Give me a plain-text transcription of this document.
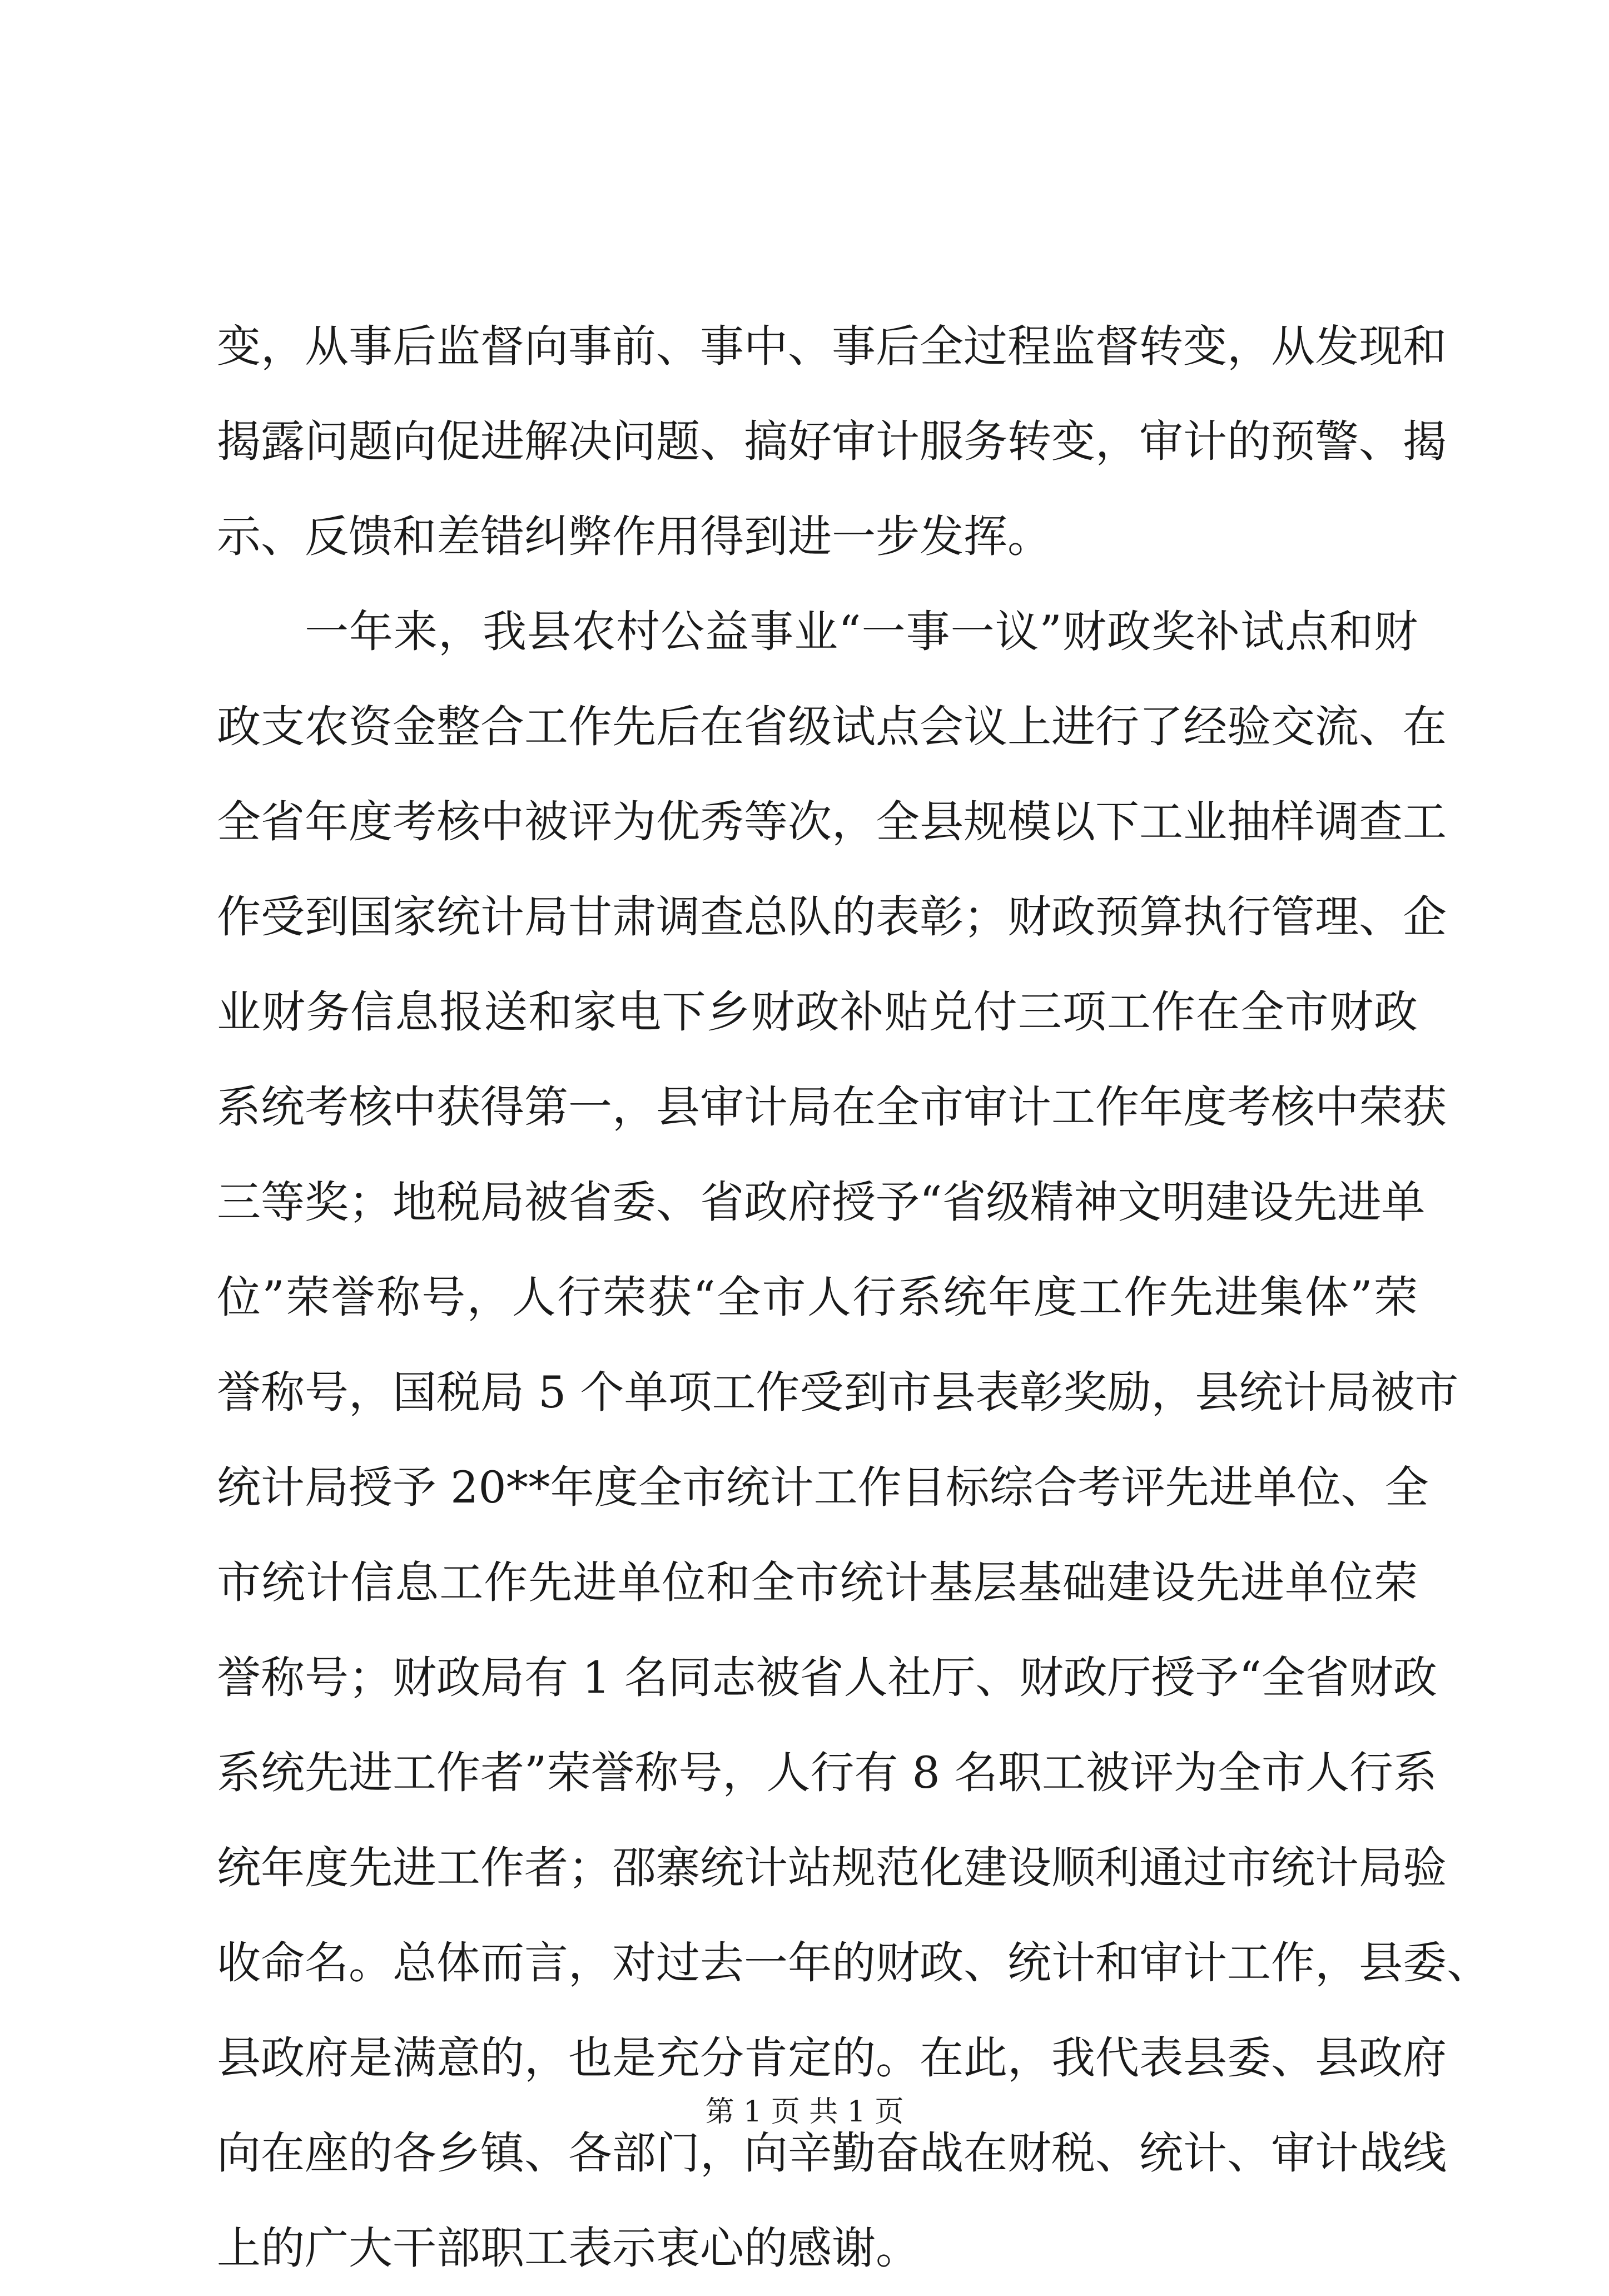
变，从事后监督向事前、事中、事后全过程监督转变，从发现和
揭露问题向促进解决问题、搞好审计服务转变，审计的预警、揭
示、反馈和差错纠弊作用得到进一步发挥。
一年来，我县农村公益事业“一事一议”财政奖补试点和财
政支农资金整合工作先后在省级试点会议上进行了经验交流、在
全省年度考核中被评为优秀等次，全县规模以下工业抽样调查工
作受到国家统计局甘肃调查总队的表彰；财政预算执行管理、企
业财务信息报送和家电下乡财政补贴兑付三项工作在全市财政
系统考核中获得第一，县审计局在全市审计工作年度考核中荣获
三等奖；地税局被省委、省政府授予“省级精神文明建设先进单
位”荣誉称号，人行荣获“全市人行系统年度工作先进集体”荣
誉称号，国税局 5 个单项工作受到市县表彰奖励，县统计局被市
统计局授予 20**年度全市统计工作目标综合考评先进单位、全
市统计信息工作先进单位和全市统计基层基础建设先进单位荣
誉称号；财政局有 1 名同志被省人社厅、财政厅授予“全省财政
系统先进工作者”荣誉称号，人行有 8 名职工被评为全市人行系
统年度先进工作者；邵寨统计站规范化建设顺利通过市统计局验
收命名。总体而言，对过去一年的财政、统计和审计工作，县委、
县政府是满意的，也是充分肯定的。在此，我代表县委、县政府
向在座的各乡镇、各部门，向辛勤奋战在财税、统计、审计战线
上的广大干部职工表示衷心的感谢。
第 1 页 共 1 页
